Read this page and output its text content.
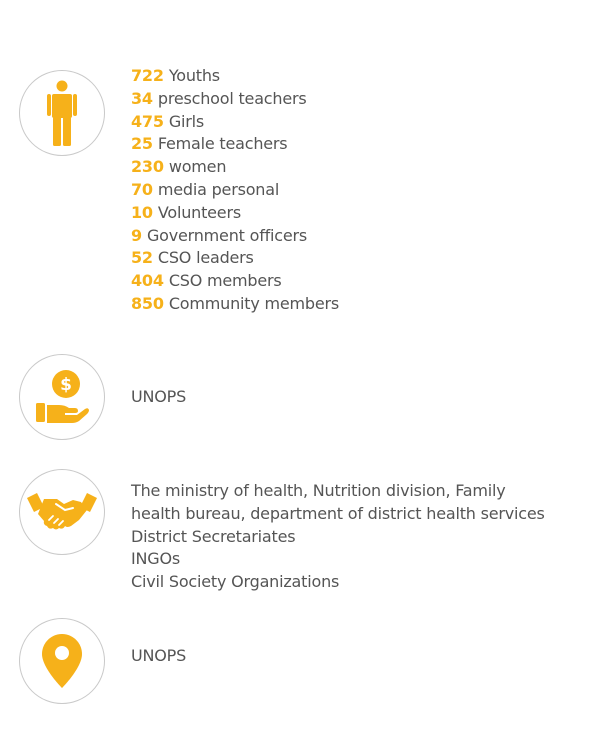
722 Youths
34 preschool teachers
475 Girls
25 Female teachers
230 women
70 media personal
10 Volunteers
9 Government officers
52 CSO leaders
404 CSO members
850 Community members
$
UNOPS
The ministry of health, Nutrition division, Family
health bureau, department of district health services
District Secretariates
INGOs
Civil Society Organizations
UNOPS
